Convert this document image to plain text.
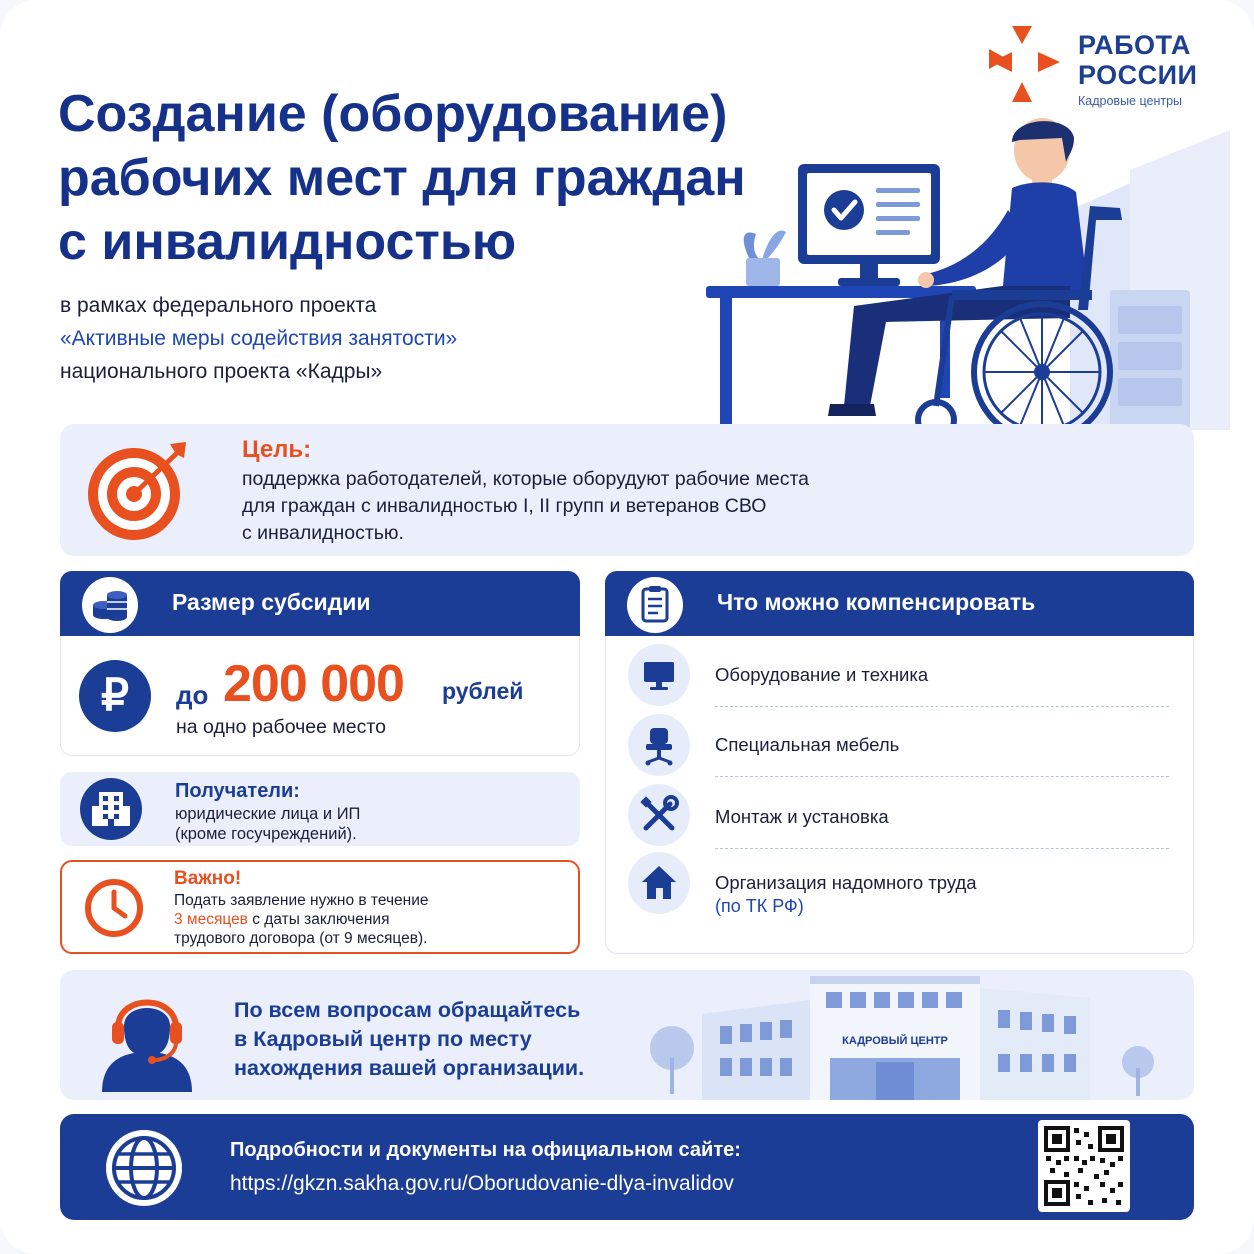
РАБОТА
РОССИИ
Кадровые центры
Создание (оборудование)
рабочих мест для граждан
с инвалидностью
в рамках федерального проекта
«Активные меры содействия занятости»
национального проекта «Кадры»
Цель:
поддержка работодателей, которые оборудуют рабочие места
для граждан с инвалидностью I, II групп и ветеранов СВО
с инвалидностью.
Размер субсидии
₽	до 200 000 рублей
на одно рабочее место
Получатели:
юридические лица и ИП
(кроме госучреждений).
Важно!
Подать заявление нужно в течение
3 месяцев с даты заключения
трудового договора (от 9 месяцев).
Что можно компенсировать
Оборудование и техника
Специальная мебель
Монтаж и установка
Организация надомного труда
(по ТК РФ)
По всем вопросам обращайтесь
в Кадровый центр по месту
нахождения вашей организации.
КАДРОВЫЙ ЦЕНТР
Подробности и документы на официальном сайте:
https://gkzn.sakha.gov.ru/Oborudovanie-dlya-invalidov
